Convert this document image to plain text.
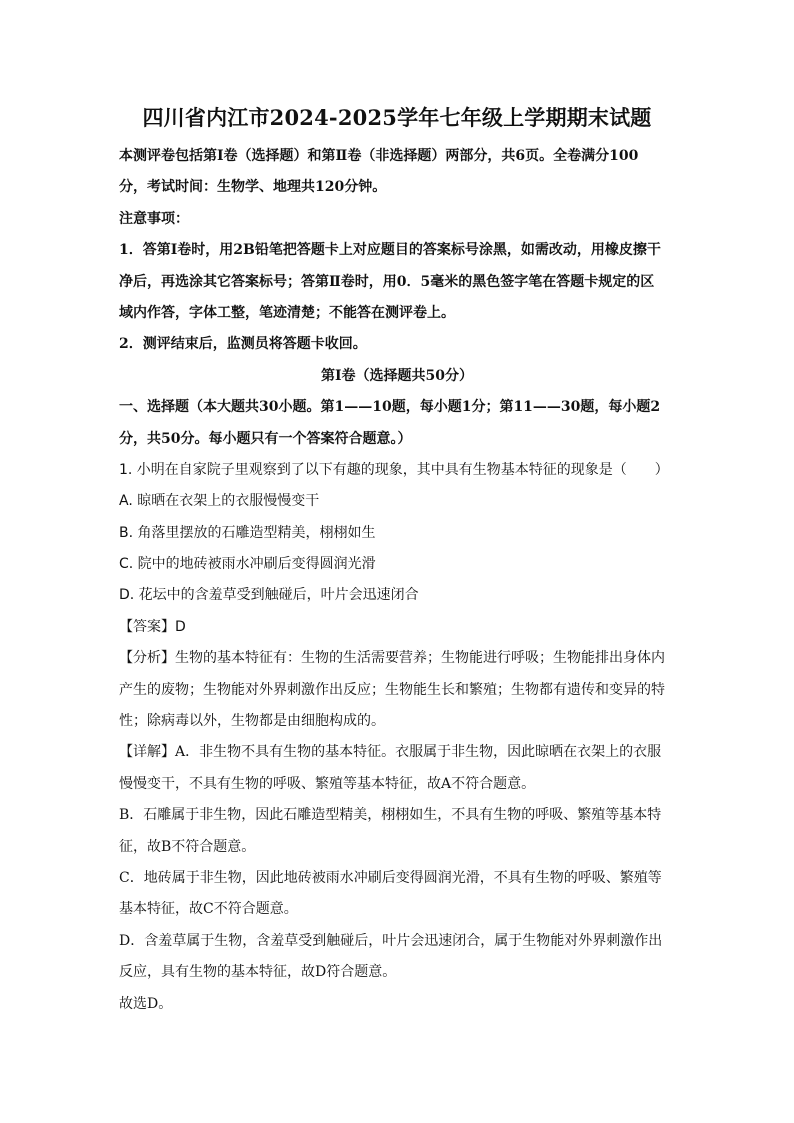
四川省内江市2024-2025学年七年级上学期期末试题
本测评卷包括第Ⅰ卷（选择题）和第Ⅱ卷（非选择题）两部分，共6页。全卷满分100
分，考试时间：生物学、地理共120分钟。
注意事项：
1．答第Ⅰ卷时，用2B铅笔把答题卡上对应题目的答案标号涂黑，如需改动，用橡皮擦干
净后，再选涂其它答案标号；答第Ⅱ卷时，用0．5毫米的黑色签字笔在答题卡规定的区
域内作答，字体工整，笔迹清楚；不能答在测评卷上。
2．测评结束后，监测员将答题卡收回。
第Ⅰ卷（选择题共50分）
一、选择题（本大题共30小题。第1——10题，每小题1分；第11——30题，每小题2
分，共50分。每小题只有一个答案符合题意。）
1. 小明在自家院子里观察到了以下有趣的现象，其中具有生物基本特征的现象是（　　）
A. 晾晒在衣架上的衣服慢慢变干
B. 角落里摆放的石雕造型精美，栩栩如生
C. 院中的地砖被雨水冲刷后变得圆润光滑
D. 花坛中的含羞草受到触碰后，叶片会迅速闭合
【答案】D
【分析】生物的基本特征有：生物的生活需要营养；生物能进行呼吸；生物能排出身体内
产生的废物；生物能对外界刺激作出反应；生物能生长和繁殖；生物都有遗传和变异的特
性；除病毒以外，生物都是由细胞构成的。
【详解】A．非生物不具有生物的基本特征。衣服属于非生物，因此晾晒在衣架上的衣服
慢慢变干，不具有生物的呼吸、繁殖等基本特征，故A不符合题意。
B．石雕属于非生物，因此石雕造型精美，栩栩如生，不具有生物的呼吸、繁殖等基本特
征，故B不符合题意。
C．地砖属于非生物，因此地砖被雨水冲刷后变得圆润光滑，不具有生物的呼吸、繁殖等
基本特征，故C不符合题意。
D．含羞草属于生物，含羞草受到触碰后，叶片会迅速闭合，属于生物能对外界刺激作出
反应，具有生物的基本特征，故D符合题意。
故选D。
